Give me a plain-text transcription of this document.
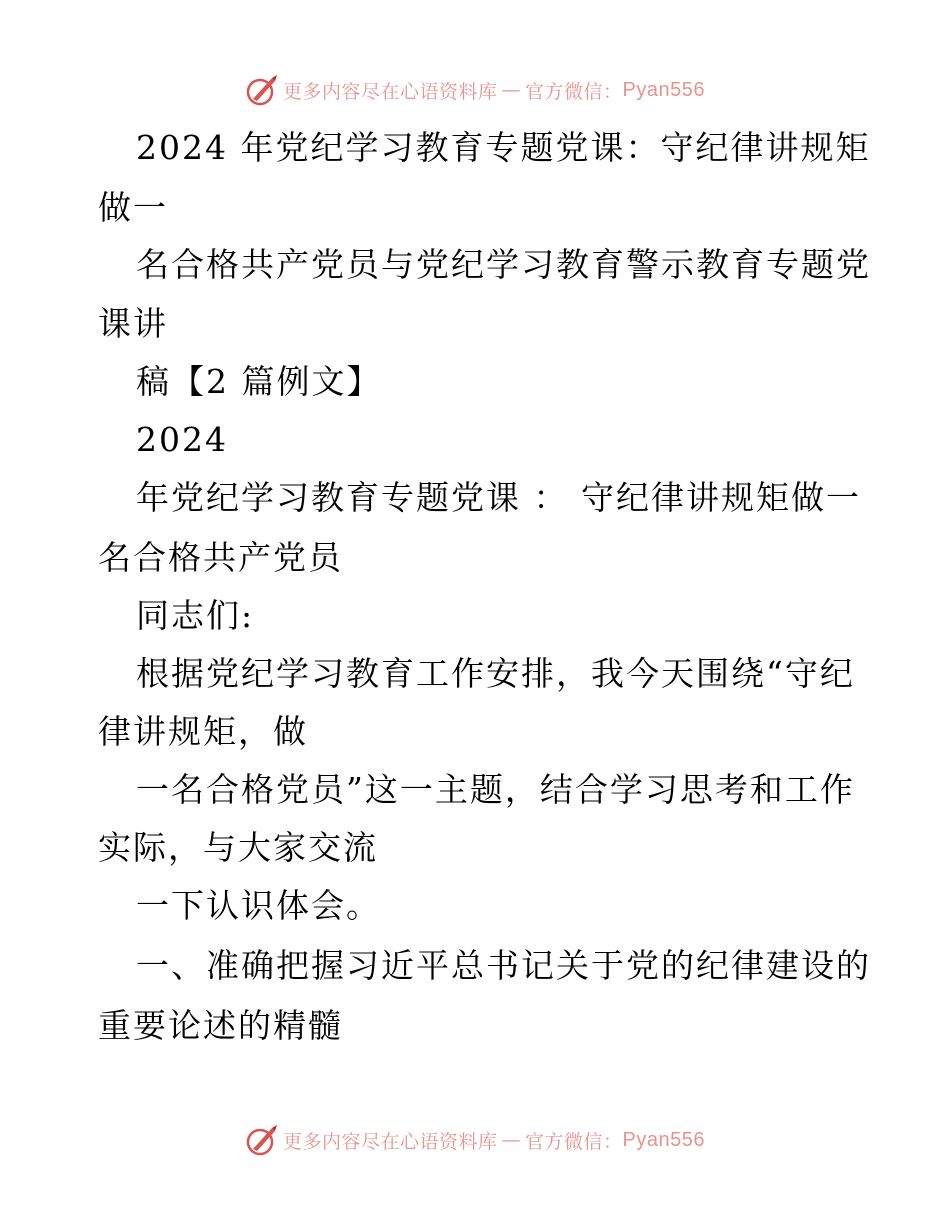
更多内容尽在心语资料库 — 官方微信： Pyan556
2024 年党纪学习教育专题党课：守纪律讲规矩
做一
名合格共产党员与党纪学习教育警示教育专题党
课讲
稿【2 篇例文】
2024
年党纪学习教育专题党课 ： 守纪律讲规矩做一
名合格共产党员
同志们:
根据党纪学习教育工作安排，我今天围绕“守纪
律讲规矩，做
一名合格党员”这一主题，结合学习思考和工作
实际，与大家交流
一下认识体会。
一、准确把握习近平总书记关于党的纪律建设的
重要论述的精髓
更多内容尽在心语资料库 — 官方微信： Pyan556
